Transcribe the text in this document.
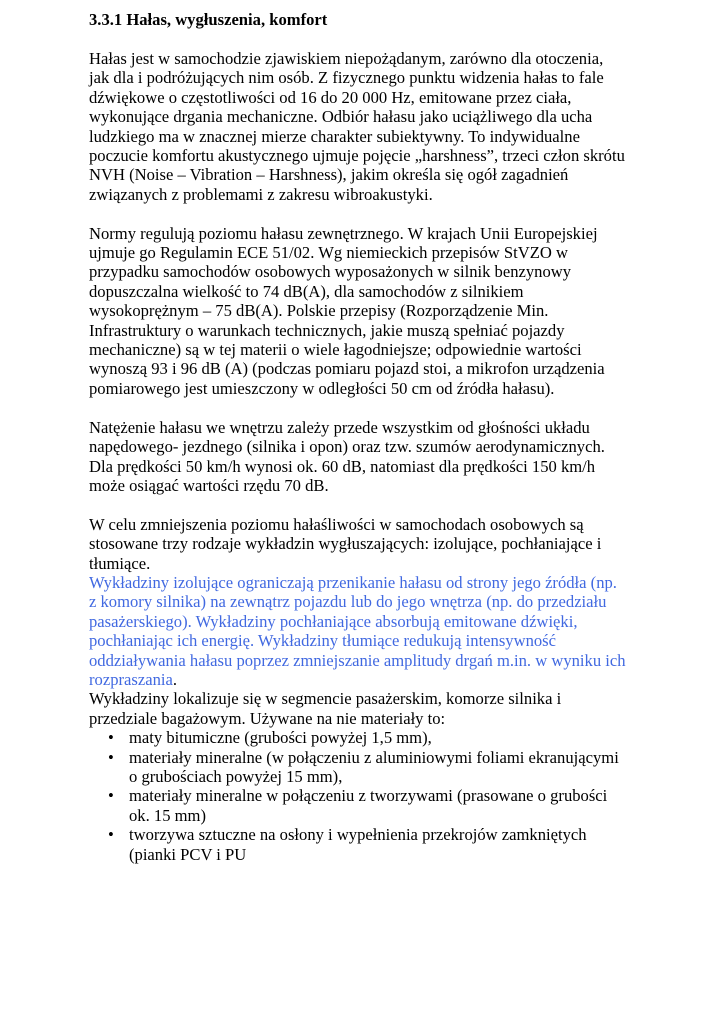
3.3.1 Hałas, wygłuszenia, komfort

Hałas jest w samochodzie zjawiskiem niepożądanym, zarówno dla otoczenia,
jak dla i podróżujących nim osób. Z fizycznego punktu widzenia hałas to fale
dźwiękowe o częstotliwości od 16 do 20 000 Hz, emitowane przez ciała,
wykonujące drgania mechaniczne. Odbiór hałasu jako uciążliwego dla ucha
ludzkiego ma w znacznej mierze charakter subiektywny. To indywidualne
poczucie komfortu akustycznego ujmuje pojęcie „harshness”, trzeci człon skrótu
NVH (Noise – Vibration – Harshness), jakim określa się ogół zagadnień
związanych z problemami z zakresu wibroakustyki.

Normy regulują poziomu hałasu zewnętrznego. W krajach Unii Europejskiej
ujmuje go Regulamin ECE 51/02. Wg niemieckich przepisów StVZO w
przypadku samochodów osobowych wyposażonych w silnik benzynowy
dopuszczalna wielkość to 74 dB(A), dla samochodów z silnikiem
wysokoprężnym – 75 dB(A). Polskie przepisy (Rozporządzenie Min.
Infrastruktury o warunkach technicznych, jakie muszą spełniać pojazdy
mechaniczne) są w tej materii o wiele łagodniejsze; odpowiednie wartości
wynoszą 93 i 96 dB (A) (podczas pomiaru pojazd stoi, a mikrofon urządzenia
pomiarowego jest umieszczony w odległości 50 cm od źródła hałasu).

Natężenie hałasu we wnętrzu zależy przede wszystkim od głośności układu
napędowego- jezdnego (silnika i opon) oraz tzw. szumów aerodynamicznych.
Dla prędkości 50 km/h wynosi ok. 60 dB, natomiast dla prędkości 150 km/h
może osiągać wartości rzędu 70 dB.

W celu zmniejszenia poziomu hałaśliwości w samochodach osobowych są
stosowane trzy rodzaje wykładzin wygłuszających: izolujące, pochłaniające i
tłumiące.

Wykładziny izolujące ograniczają przenikanie hałasu od strony jego źródła (np.
z komory silnika) na zewnątrz pojazdu lub do jego wnętrza (np. do przedziału
pasażerskiego). Wykładziny pochłaniające absorbują emitowane dźwięki,
pochłaniając ich energię. Wykładziny tłumiące redukują intensywność
oddziaływania hałasu poprzez zmniejszanie amplitudy drgań m.in. w wyniku ich
rozpraszania.

Wykładziny lokalizuje się w segmencie pasażerskim, komorze silnika i
przedziale bagażowym. Używane na nie materiały to:

• maty bitumiczne (grubości powyżej 1,5 mm),
• materiały mineralne (w połączeniu z aluminiowymi foliami ekranującymi
o grubościach powyżej 15 mm),
• materiały mineralne w połączeniu z tworzywami (prasowane o grubości
ok. 15 mm)
• tworzywa sztuczne na osłony i wypełnienia przekrojów zamkniętych
(pianki PCV i PU
